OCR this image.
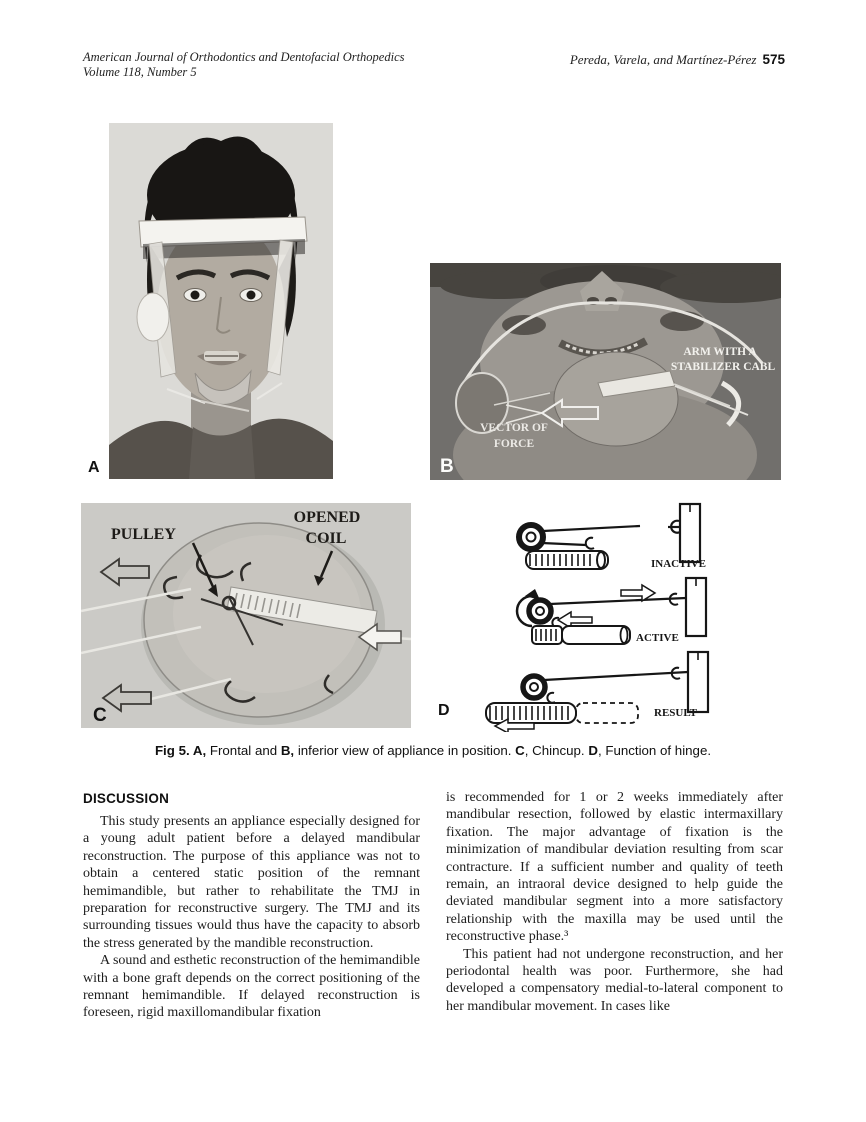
American Journal of Orthodontics and Dentofacial Orthopedics
Volume 118, Number 5
Pereda, Varela, and Martínez-Pérez 575
A
ARM WITH A
STABILIZER CABL
VECTOR OF
FORCE
B
PULLEY
OPENED
COIL
C
INACTIVE
ACTIVE
RESULT
D
Fig 5. A, Frontal and B, inferior view of appliance in position. C, Chincup. D, Function of hinge.
DISCUSSION

This study presents an appliance especially designed for a young adult patient before a delayed mandibular reconstruction. The purpose of this appliance was not to obtain a centered static position of the remnant hemimandible, but rather to rehabilitate the TMJ in preparation for reconstructive surgery. The TMJ and its surrounding tissues would thus have the capacity to absorb the stress generated by the mandible reconstruction.

A sound and esthetic reconstruction of the hemimandible with a bone graft depends on the correct positioning of the remnant hemimandible. If delayed reconstruction is foreseen, rigid maxillomandibular fixation

is recommended for 1 or 2 weeks immediately after mandibular resection, followed by elastic intermaxillary fixation. The major advantage of fixation is the minimization of mandibular deviation resulting from scar contracture. If a sufficient number and quality of teeth remain, an intraoral device designed to help guide the deviated mandibular segment into a more satisfactory relationship with the maxilla may be used until the reconstructive phase.³

This patient had not undergone reconstruction, and her periodontal health was poor. Furthermore, she had developed a compensatory medial-to-lateral component to her mandibular movement. In cases like
